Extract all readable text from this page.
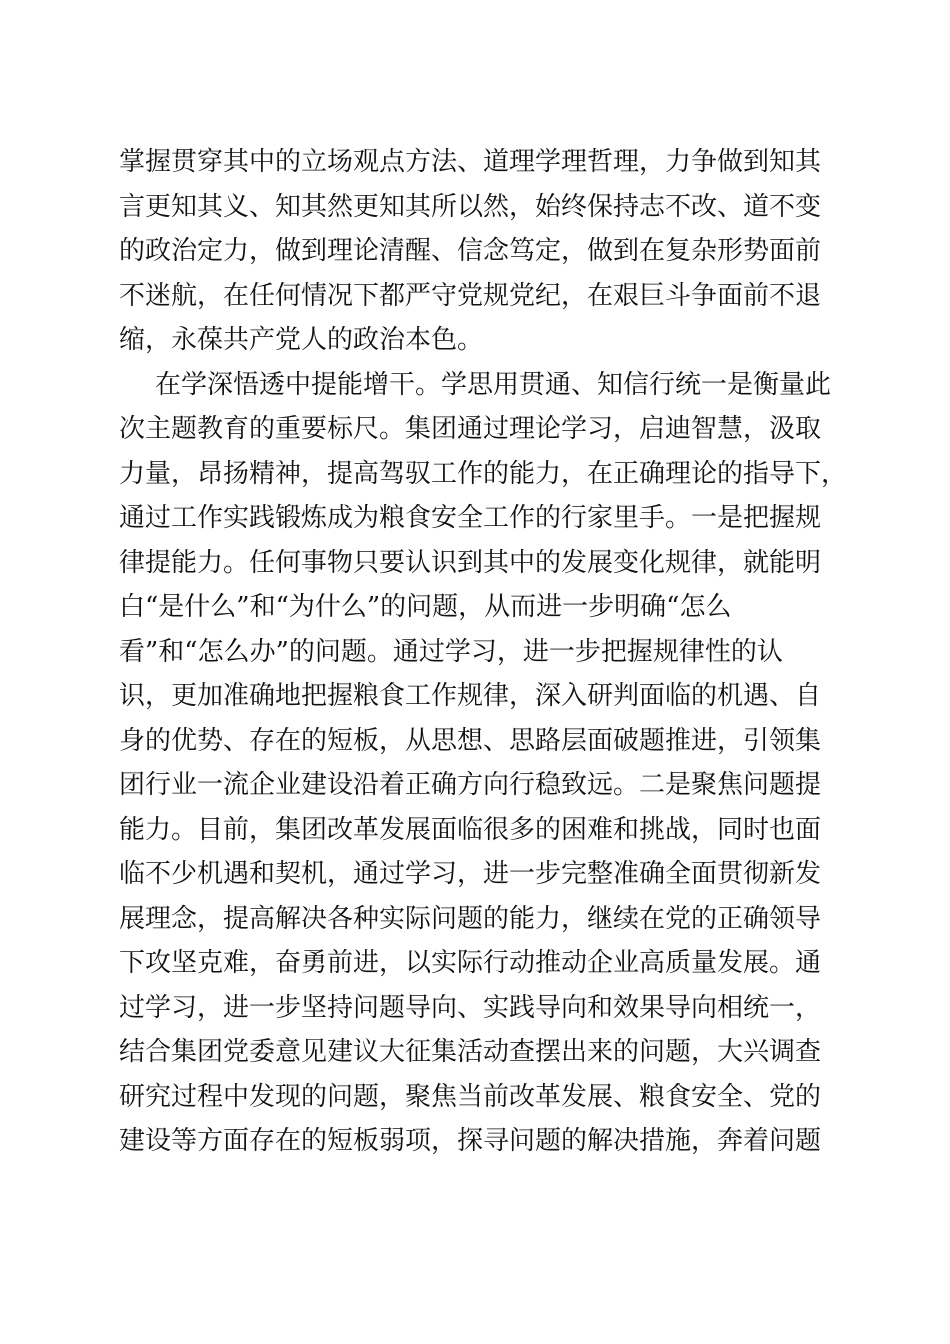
掌握贯穿其中的立场观点方法、道理学理哲理，力争做到知其
言更知其义、知其然更知其所以然，始终保持志不改、道不变
的政治定力，做到理论清醒、信念笃定，做到在复杂形势面前
不迷航，在任何情况下都严守党规党纪，在艰巨斗争面前不退
缩，永葆共产党人的政治本色。
在学深悟透中提能增干。学思用贯通、知信行统一是衡量此
次主题教育的重要标尺。集团通过理论学习，启迪智慧，汲取
力量，昂扬精神，提高驾驭工作的能力，在正确理论的指导下，
通过工作实践锻炼成为粮食安全工作的行家里手。一是把握规
律提能力。任何事物只要认识到其中的发展变化规律，就能明
白“是什么”和“为什么”的问题，从而进一步明确“怎么
看”和“怎么办”的问题。通过学习，进一步把握规律性的认
识，更加准确地把握粮食工作规律，深入研判面临的机遇、自
身的优势、存在的短板，从思想、思路层面破题推进，引领集
团行业一流企业建设沿着正确方向行稳致远。二是聚焦问题提
能力。目前，集团改革发展面临很多的困难和挑战，同时也面
临不少机遇和契机，通过学习，进一步完整准确全面贯彻新发
展理念，提高解决各种实际问题的能力，继续在党的正确领导
下攻坚克难，奋勇前进，以实际行动推动企业高质量发展。通
过学习，进一步坚持问题导向、实践导向和效果导向相统一，
结合集团党委意见建议大征集活动查摆出来的问题，大兴调查
研究过程中发现的问题，聚焦当前改革发展、粮食安全、党的
建设等方面存在的短板弱项，探寻问题的解决措施，奔着问题
